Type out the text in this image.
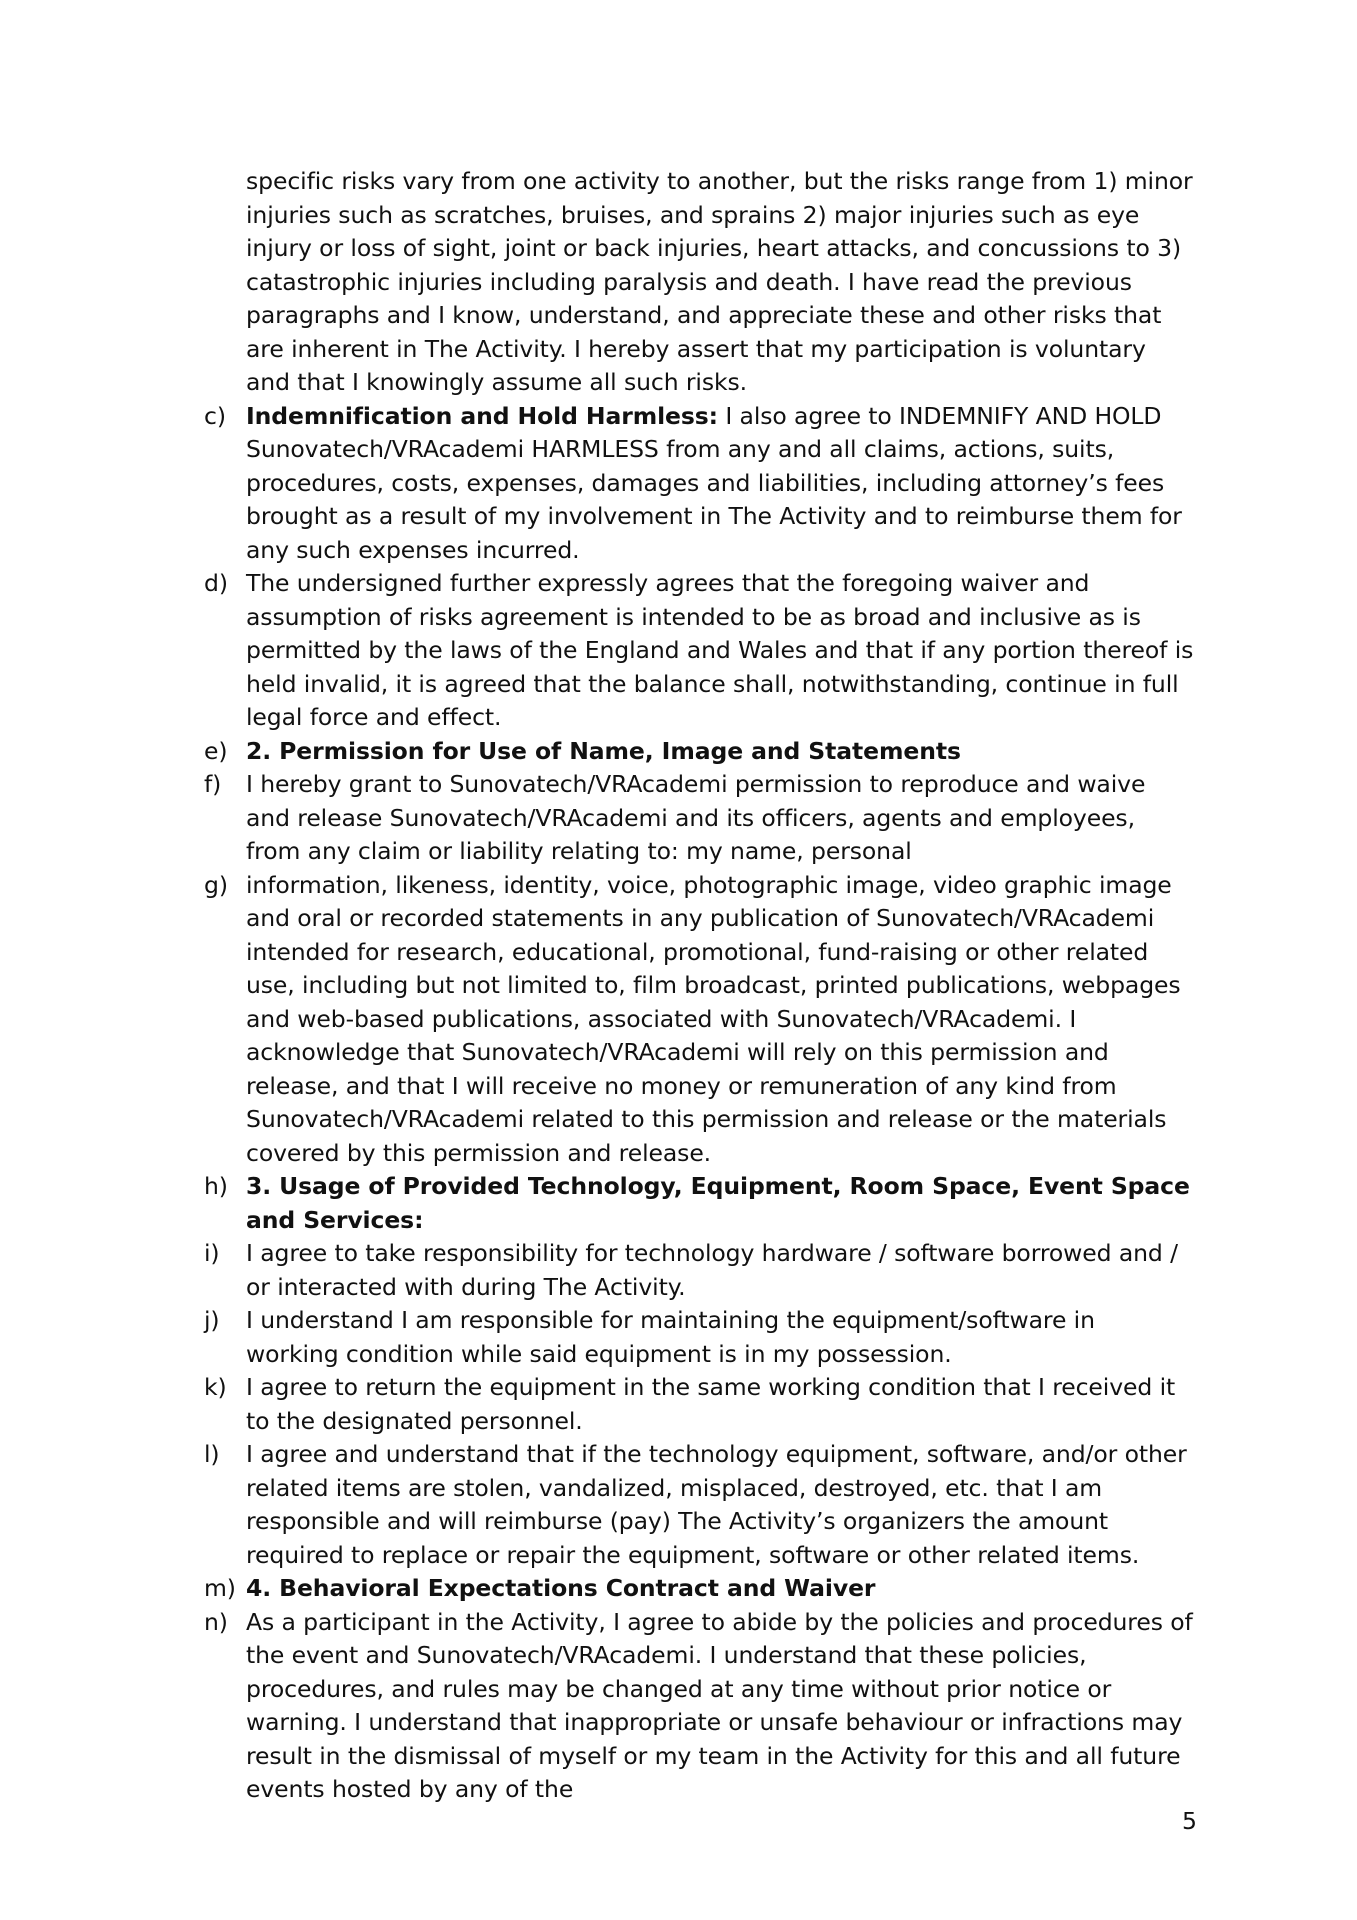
specific risks vary from one activity to another, but the risks range from 1) minor injuries such as scratches, bruises, and sprains 2) major injuries such as eye injury or loss of sight, joint or back injuries, heart attacks, and concussions to 3) catastrophic injuries including paralysis and death. I have read the previous paragraphs and I know, understand, and appreciate these and other risks that are inherent in The Activity. I hereby assert that my participation is voluntary and that I knowingly assume all such risks.

c) Indemnification and Hold Harmless: I also agree to INDEMNIFY AND HOLD Sunovatech/VRAcademi HARMLESS from any and all claims, actions, suits, procedures, costs, expenses, damages and liabilities, including attorney’s fees brought as a result of my involvement in The Activity and to reimburse them for any such expenses incurred.
d) The undersigned further expressly agrees that the foregoing waiver and assumption of risks agreement is intended to be as broad and inclusive as is permitted by the laws of the England and Wales and that if any portion thereof is held invalid, it is agreed that the balance shall, notwithstanding, continue in full legal force and effect.
e) 2. Permission for Use of Name, Image and Statements
f)	I hereby grant to Sunovatech/VRAcademi permission to reproduce and waive and release Sunovatech/VRAcademi and its officers, agents and employees, from any claim or liability relating to: my name, personal
g) information, likeness, identity, voice, photographic image, video graphic image and oral or recorded statements in any publication of Sunovatech/VRAcademi intended for research, educational, promotional, fund-raising or other related use, including but not limited to, film broadcast, printed publications, webpages and web-based publications, associated with Sunovatech/VRAcademi. I acknowledge that Sunovatech/VRAcademi will rely on this permission and release, and that I will receive no money or remuneration of any kind from Sunovatech/VRAcademi related to this permission and release or the materials covered by this permission and release.
h) 3. Usage of Provided Technology, Equipment, Room Space, Event Space and Services:
i)	I agree to take responsibility for technology hardware / software borrowed and / or interacted with during The Activity.
j)	I understand I am responsible for maintaining the equipment/software in working condition while said equipment is in my possession.
k) I agree to return the equipment in the same working condition that I received it to the designated personnel.
l)	I agree and understand that if the technology equipment, software, and/or other related items are stolen, vandalized, misplaced, destroyed, etc. that I am responsible and will reimburse (pay) The Activity’s organizers the amount required to replace or repair the equipment, software or other related items.
m) 4. Behavioral Expectations Contract and Waiver
n) As a participant in the Activity, I agree to abide by the policies and procedures of the event and Sunovatech/VRAcademi. I understand that these policies, procedures, and rules may be changed at any time without prior notice or warning. I understand that inappropriate or unsafe behaviour or infractions may result in the dismissal of myself or my team in the Activity for this and all future events hosted by any of the
5
